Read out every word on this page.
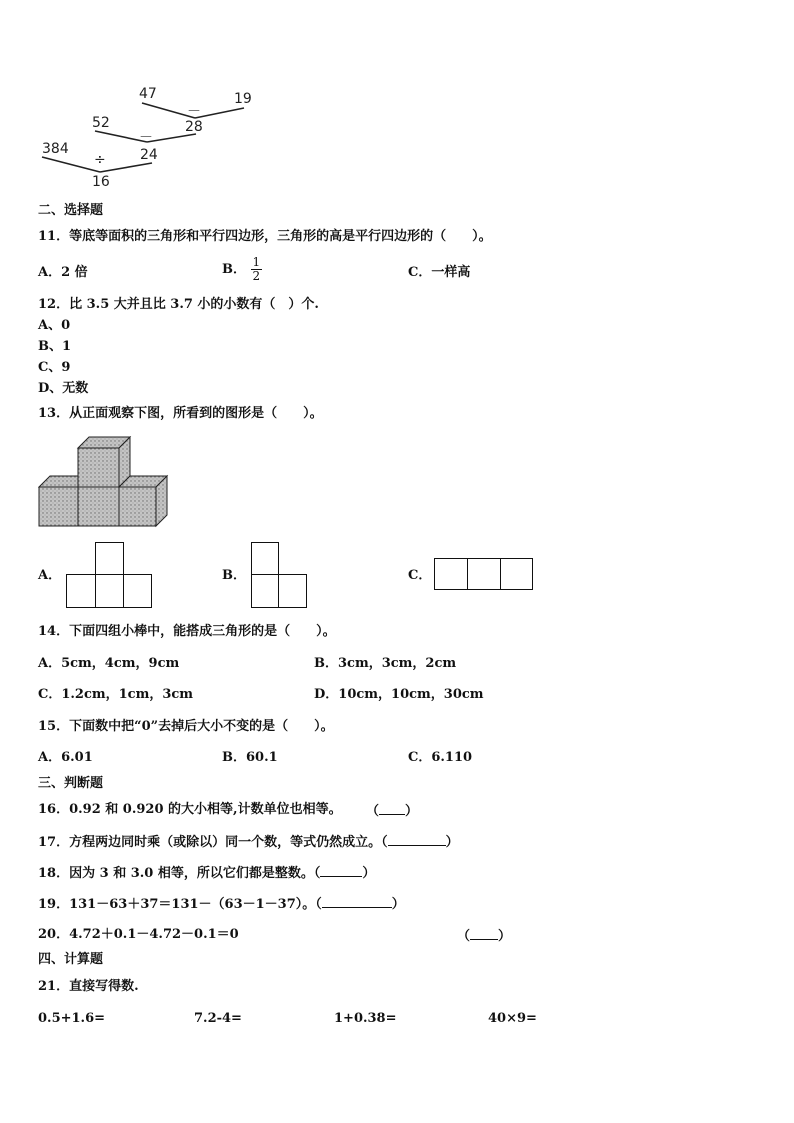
47
－
19
52	28
－
384	24
÷
16
二、选择题
11．等底等面积的三角形和平行四边形，三角形的高是平行四边形的（　　）。
A．2 倍	B． $\frac{1}{2}$	C．一样高
12．比 3.5 大并且比 3.7 小的小数有（　）个.
A、0
B、1
C、9
D、无数
13．从正面观察下图，所看到的图形是（　　）。
A．	B．	C．
14．下面四组小棒中，能搭成三角形的是（　　）。
A．5cm，4cm，9cm	B．3cm，3cm，2cm
C．1.2cm，1cm，3cm	D．10cm，10cm，30cm
15．下面数中把“0”去掉后大小不变的是（　　）。
A．6.01	B．60.1	C．6.110
三、判断题
16．0.92 和 0.920 的大小相等,计数单位也相等。 （ ）
17．方程两边同时乘（或除以）同一个数，等式仍然成立。（	）
18．因为 3 和 3.0 相等，所以它们都是整数。（	）
19．131－63＋37＝131－（63－1－37）。（	）
20．4.72＋0.1－4.72－0.1＝0	（ ）
四、计算题
21．直接写得数.
0.5+1.6=	7.2-4=	1+0.38=	40×9=
